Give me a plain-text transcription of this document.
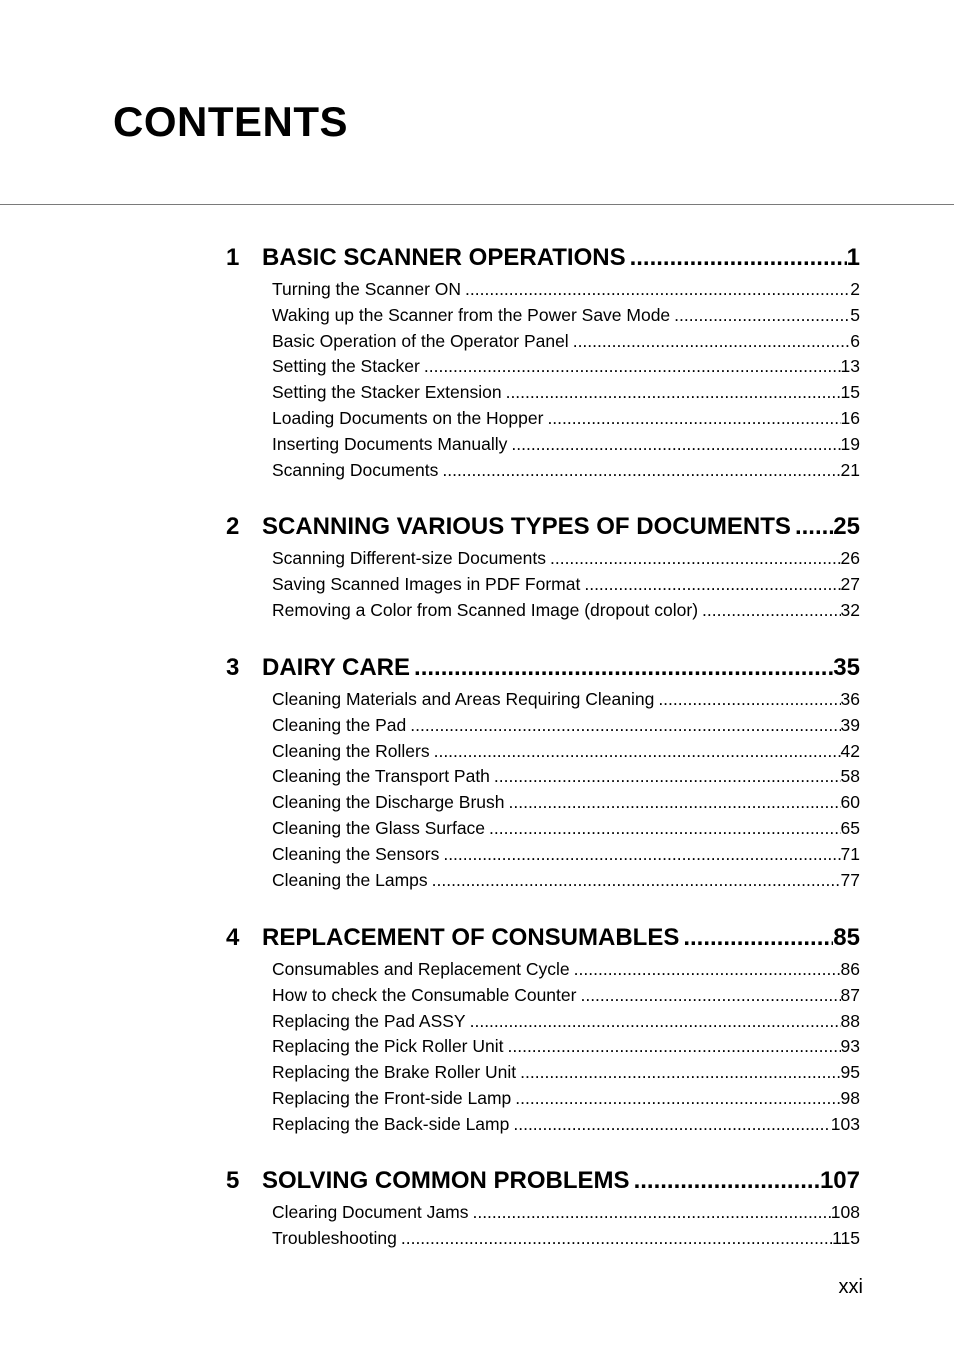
CONTENTS
1 BASIC SCANNER OPERATIONS .....	1
Turning the Scanner ON .....	2
Waking up the Scanner from the Power Save Mode .....	5
Basic Operation of the Operator Panel .....	6
Setting the Stacker .....	13
Setting the Stacker Extension .....	15
Loading Documents on the Hopper .....	16
Inserting Documents Manually .....	19
Scanning Documents .....	21
2 SCANNING VARIOUS TYPES OF DOCUMENTS ..... 25
Scanning Different-size Documents .....	26
Saving Scanned Images in PDF Format .....	27
Removing a Color from Scanned Image (dropout color) .....	32
3 DAIRY CARE .....	35
Cleaning Materials and Areas Requiring Cleaning .....	36
Cleaning the Pad .....	39
Cleaning the Rollers .....	42
Cleaning the Transport Path .....	58
Cleaning the Discharge Brush .....	60
Cleaning the Glass Surface .....	65
Cleaning the Sensors .....	71
Cleaning the Lamps .....	77
4 REPLACEMENT OF CONSUMABLES .....	85
Consumables and Replacement Cycle .....	86
How to check the Consumable Counter .....	87
Replacing the Pad ASSY .....	88
Replacing the Pick Roller Unit .....	93
Replacing the Brake Roller Unit .....	95
Replacing the Front-side Lamp .....	98
Replacing the Back-side Lamp .....	103
5 SOLVING COMMON PROBLEMS .....	107
Clearing Document Jams .....	108
Troubleshooting .....	115
xxi
